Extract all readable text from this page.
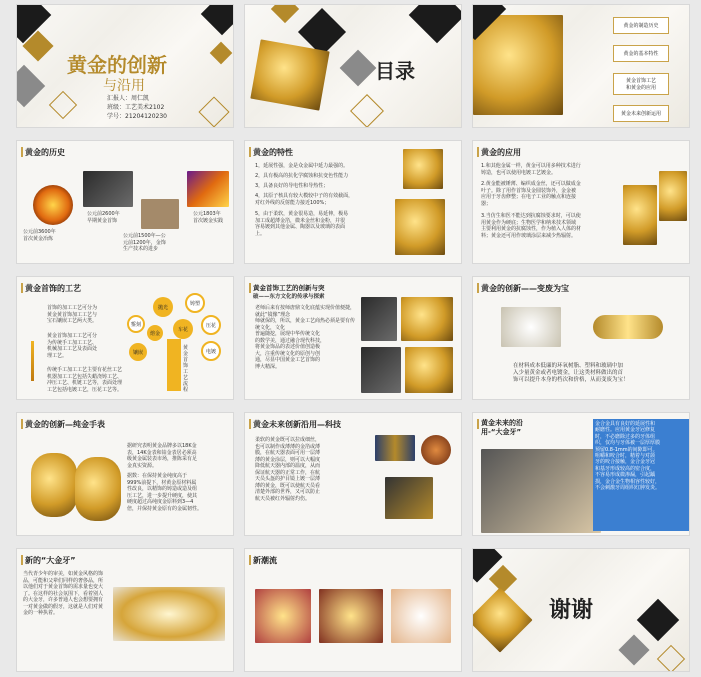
黄金的创新
与沿用
汇报人：周仁凯
班级：工艺美术2102
学号：21204120230
目录
黄金的制造历史
黄金的基本特性
黄金首饰工艺
和黄金的应用
黄金未来创新运用
黄金的历史
公元前3600年
首次黄金冶炼
公元前2600年
早期黄金首饰
公元前1500年—公
元前1200年，金饰
生产技术的进步
公元1803年
首次镀金实践
黄金的特性
1，延展性强，金是众金属中延力最强的。
2，具有极高的抗化学腐蚀和抗变色性能力
3，具备良好的导电性和导热性；
4，其原子核具有较大模较中子的有效截面，
对红外线的反射能力接近100%；
5，由于柔软，黄金很易造，易延伸，极易
加工成超薄金箔，微米金丝和金粉，并很
容易镀到其他金属、陶器以及玻璃的表面
上。
黄金的应用
1.和其他金属一样，黄金可以用多种技术进行
铸造，也可以使用电镀工艺镀金。
2.黄金能被锤薄、编织成金丝，还可以做成金
叶子。除了用作首饰及金圆装饰外，金金被
应用于牙齿修整；在电子工业的触点和连接
器；
3.当仿生和医不能达到抗腐蚀要求时，可以使
用黄金作为硬底；生物医学和纳米技术领域
主要利用黄金的抗腐蚀性，作为植入人体的材
料；黄金还可用作玻璃涂层来减少热辐射。
黄金首饰的工艺
首饰的加工工艺可分为
黄金黄首饰加工工艺与
宝石镶嵌工艺两大类。
黄金首饰加工工艺可分
为传统手工加工工艺、
机械加工工艺及表面处
理工艺。
传统手工加工工艺主要有花丝工艺
机器加工工艺包括失蜡浇铸工艺、
冲压工艺、机链工艺等，表面处理
工艺包括电镀工艺，压花工艺等。
錾刻
抛光
铸塑
压花
车花
电镀
镶嵌
熔金
黄金首饰工艺流程
黄金首饰工艺的创新与突
破——东方文化的传承与探索
老师后来有按师唐鼎文化底蕴实现价值便捷，就此“镜像”理念
师就保的，所以，黄金工艺商热必须是要有传统文化，文化
普遍随挖，展现中华传统文化
的数学美，通过融合现代科技，
将黄金饰品的表述价值创造极
大，注重传统文化的原创与创
通，尽显中国黄金工艺首饰的
博大精深。
黄金的创新——变废为宝
在材料成本低廉的环氧树脂、塑料和玻璃中加
入少量黄金或者电镀金，让这类材料做出的首
饰可以提升本身的档次和价格，从而变废为宝！
黄金的创新—纯金手表
据研究表明黄金品牌多以18K金
表，14K金表和铂金表居必须高
级黄金属装表市场，推陈采有足
金真实资源。
据数：在保持黄金纯度高于
999%前提下，材黄金原材料属
性改良，以精饰的铸造或造及组
压工艺，进一步提升硬度，使其
硬度超过高纯度金原料到3—4
倍，并保持黄金原有的金属韧性。
黄金未来创新沿用—科技
柔软的黄金既可以拉成细丝，
也可以制作成薄薄的金箔或薄
膜，在航天器表面可用一层薄
薄的黄金涂层，则可以大幅度
降低航天器内部的温度，从而
保证航天器的正常工作，在航
天员头盔的护目镜上镀一层薄
薄的黄金，既可以使航天员看
清楚外部的世界，又可以防止
航天员被红外辐射灼伤。
黄金未来的沿
用-“大金牙”
金合金具有良好的延展性和
耐磨性。应用黄金牙冠修复
时，不必磨除过多的牙体组
织，仅均与牙体被一层厚厚膜
预留0.8-1mm的间隙即可。
咀嚼和咬合时，精着与对颌
牙的咬合接触，金合金牙冠
和基牙形成较高的密合度，
不容易形成微渗漏，引起龋
损，金合金生物相容性较好，
不会刺激牙周组织红肿发炎。
新的“大金牙”
当代青少年的审美，如黄金风格的饰
品，可能和父辈们同样的奢侈品，所
以他们对于黄金首饰的需求量也变大
了。在这样的社会氛围下，看着别人
的大金牙，许多普通人也会想要拥有
一对黄金做的假牙，这就是人们对黄
金的一种执着。
新潮流
谢谢
